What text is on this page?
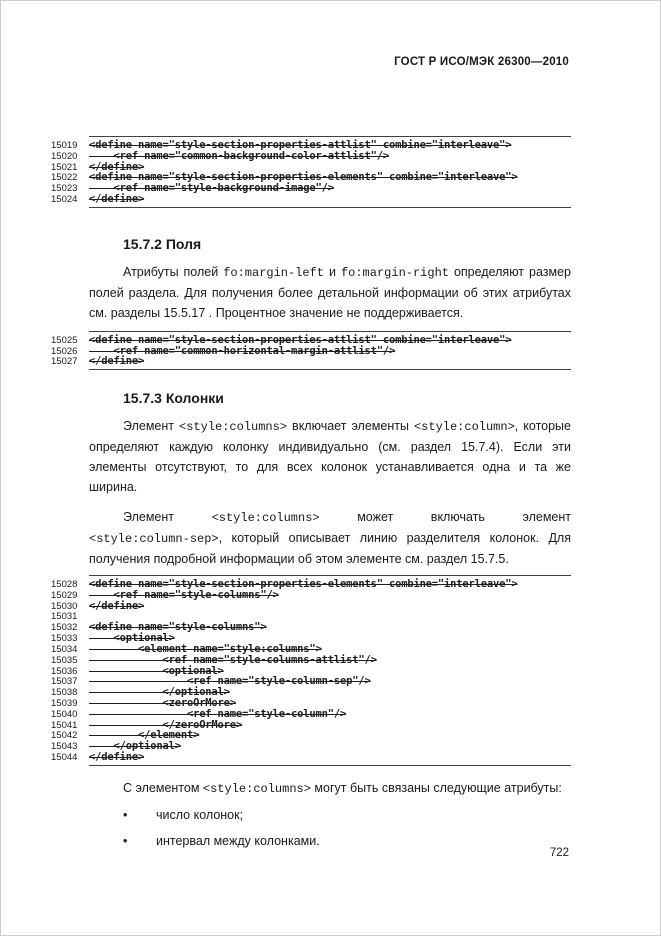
ГОСТ Р ИСО/МЭК 26300—2010
15019	<define name="style-section-properties-attlist" combine="interleave">
15020	<ref name="common-background-color-attlist"/>
15021	</define>
15022	<define name="style-section-properties-elements" combine="interleave">
15023	<ref name="style-background-image"/>
15024	</define>
15.7.2 Поля

Атрибуты полей fo:margin-left и fo:margin-right определяют размер полей раздела. Для получения более детальной информации об этих атрибутах см. разделы 15.5.17 . Процентное значение не поддерживается.

15025	<define name="style-section-properties-attlist" combine="interleave">
15026	<ref name="common-horizontal-margin-attlist"/>
15027	</define>
15.7.3 Колонки

Элемент <style:columns> включает элементы <style:column>, которые определяют каждую колонку индивидуально (см. раздел 15.7.4). Если эти элементы отсутствуют, то для всех колонок устанавливается одна и та же ширина.

Элемент <style:columns> может включать элемент <style:column-sep>, который описывает линию разделителя колонок. Для получения подробной информации об этом элементе см. раздел 15.7.5.

15028	<define name="style-section-properties-elements" combine="interleave">
15029	<ref name="style-columns"/>
15030	</define>
15031
15032	<define name="style-columns">
15033	<optional>
15034	<element name="style:columns">
15035	<ref name="style-columns-attlist"/>
15036	<optional>
15037	<ref name="style-column-sep"/>
15038	</optional>
15039	<zeroOrMore>
15040	<ref name="style-column"/>
15041	</zeroOrMore>
15042	</element>
15043	</optional>
15044	</define>

С элементом <style:columns> могут быть связаны следующие атрибуты:

•	число колонок;
•	интервал между колонками.
722
